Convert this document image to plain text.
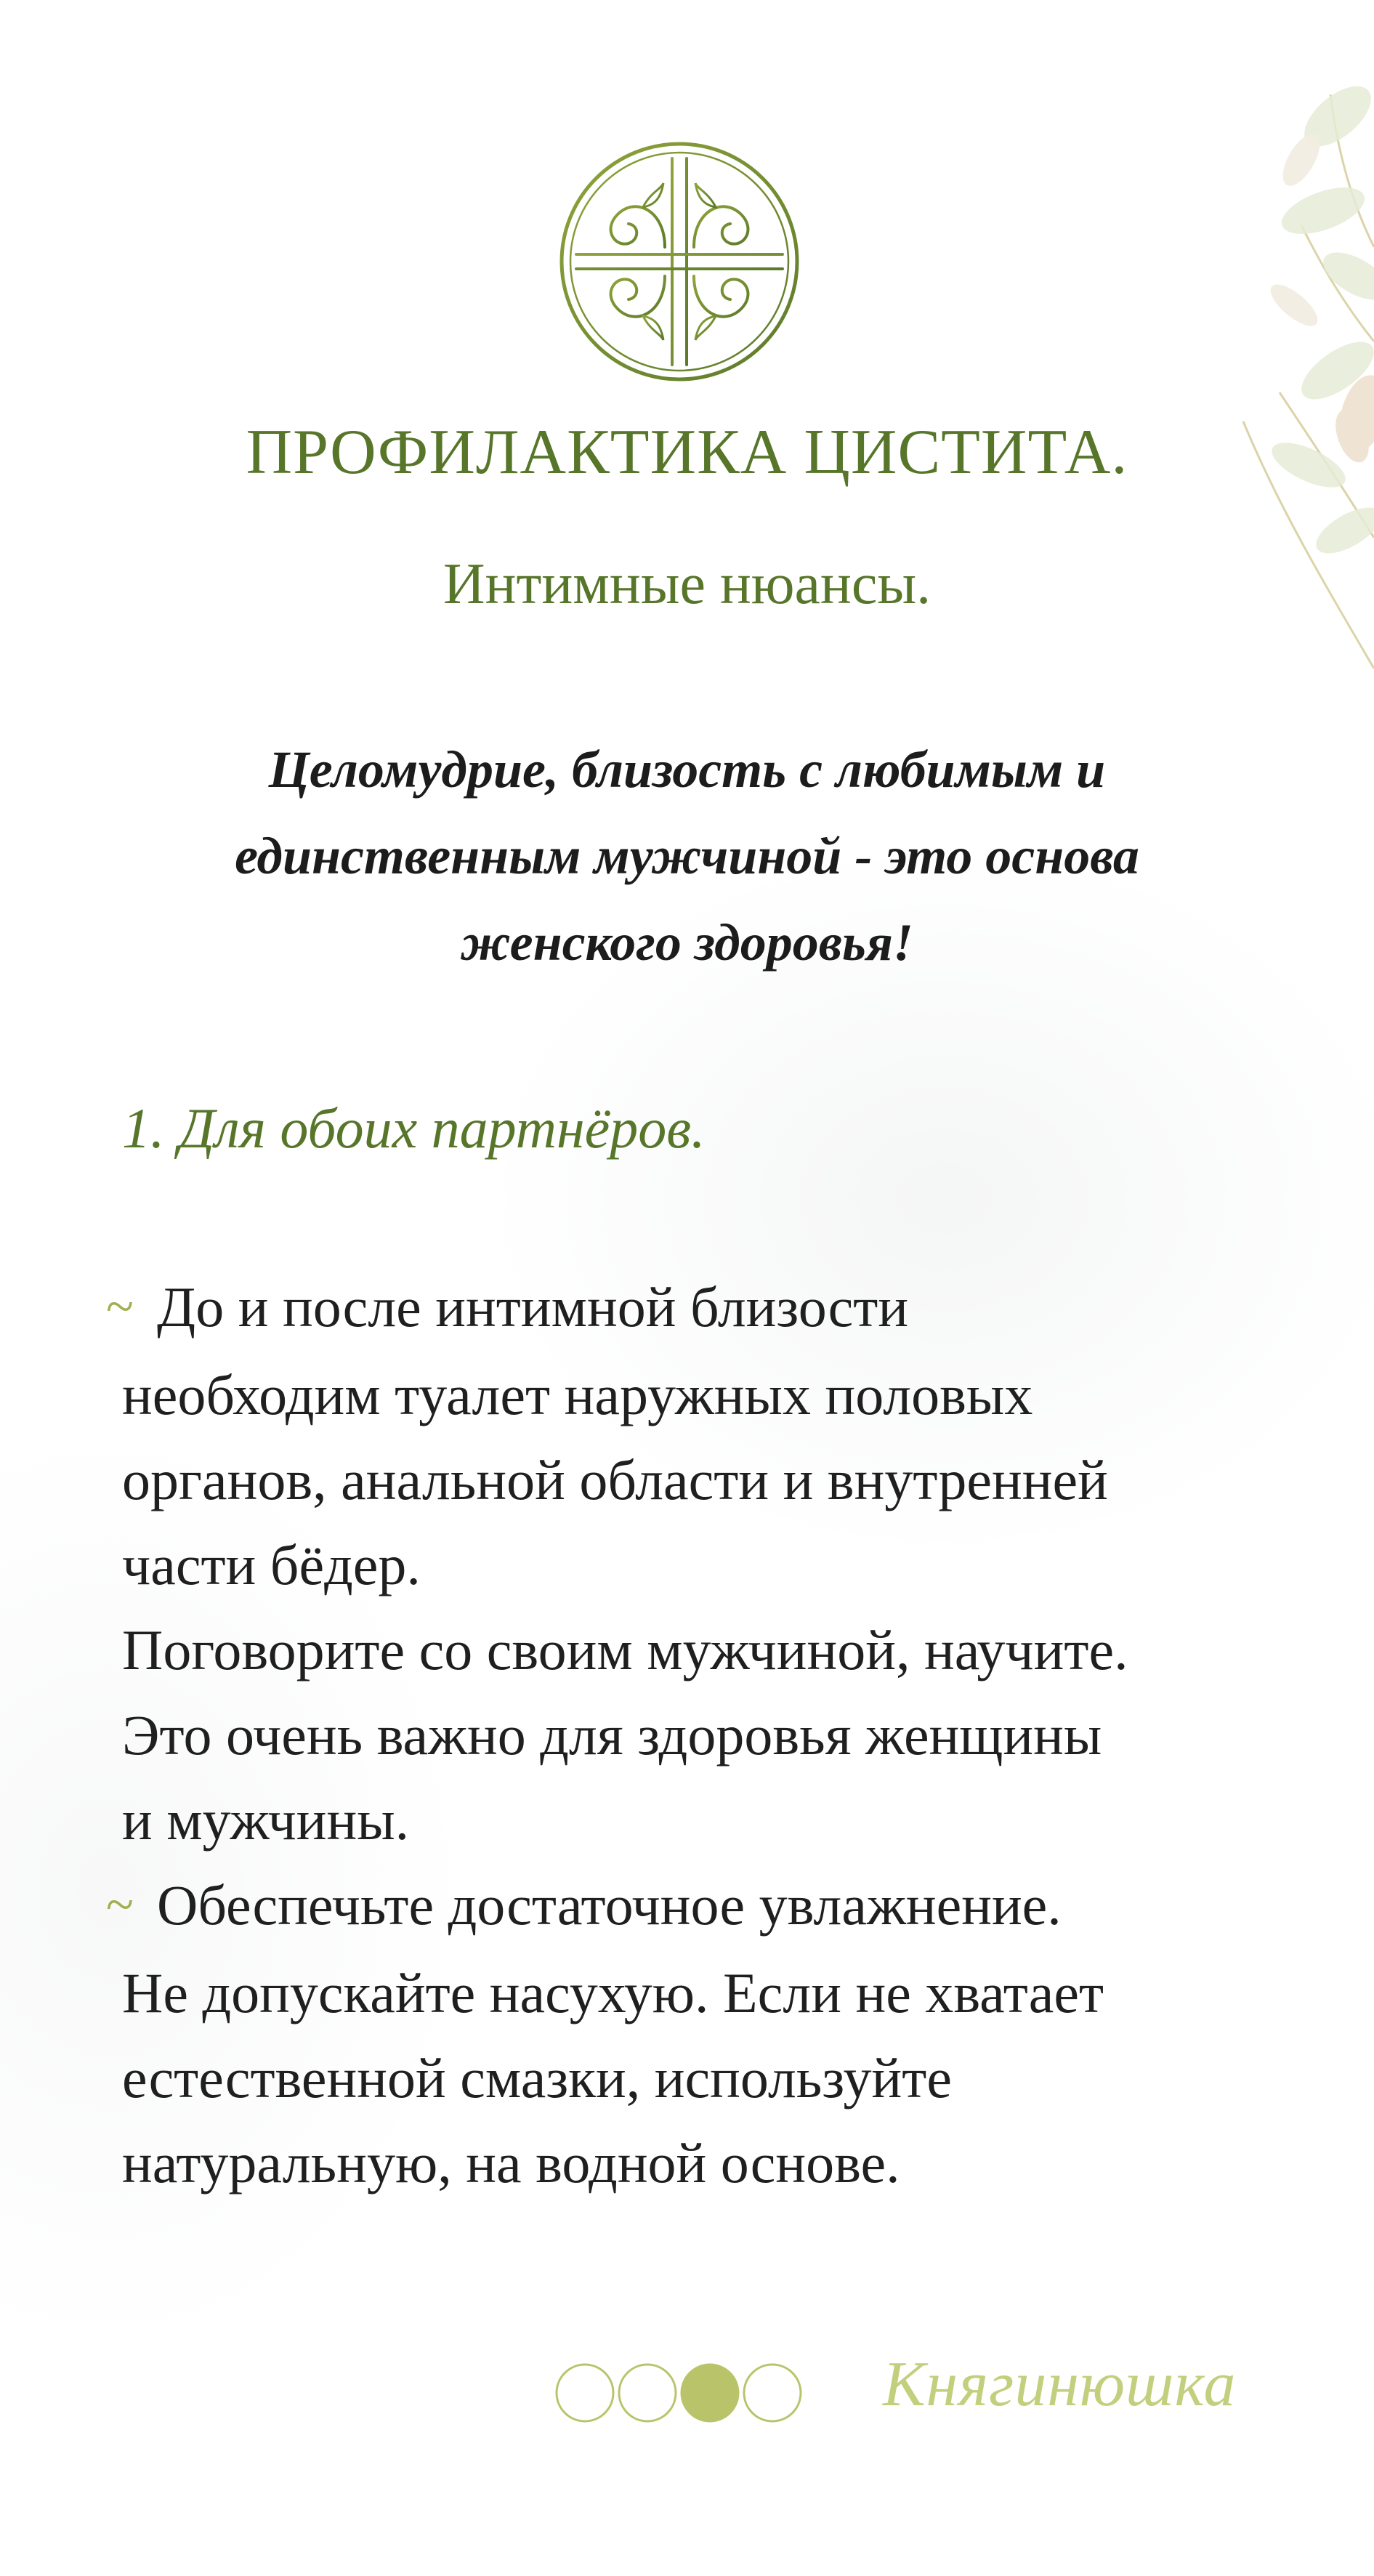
ПРОФИЛАКТИКА ЦИСТИТА.
Интимные нюансы.
Целомудрие, близость с любимым и
единственным мужчиной - это основа
женского здоровья!
1. Для обоих партнёров.
~ До и после интимной близости
необходим туалет наружных половых
органов, анальной области и внутренней
части бёдер.
Поговорите со своим мужчиной, научите.
Это очень важно для здоровья женщины
и мужчины.
~ Обеспечьте достаточное увлажнение.
Не допускайте насухую. Если не хватает
естественной смазки, используйте
натуральную, на водной основе.
Княгинюшка
